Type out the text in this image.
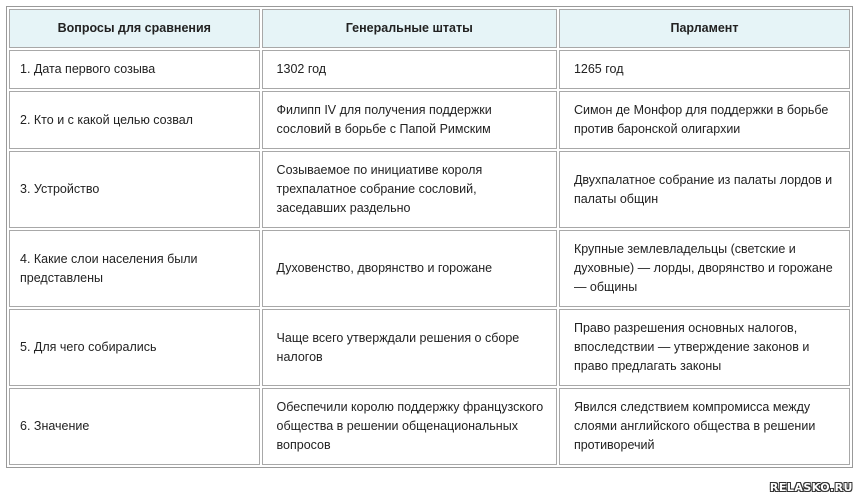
Вопросы для сравнения	Генеральные штаты	Парламент

1. Дата первого созыва	1302 год	1265 год

2. Кто и с какой целью созвал	Филипп IV для получения поддержки сословий в борьбе с Папой Римским	Симон де Монфор для поддержки в борьбе против баронской олигархии

3. Устройство	Созываемое по инициативе короля трехпалатное собрание сословий, заседавших раздельно	Двухпалатное собрание из палаты лордов и палаты общин

4. Какие слои населения были представлены	Духовенство, дворянство и горожане	Крупные землевладельцы (светские и духовные) — лорды, дворянство и горожане — общины

5. Для чего собирались	Чаще всего утверждали решения о сборе налогов	Право разрешения основных налогов, впоследствии — утверждение законов и право предлагать законы

6. Значение	Обеспечили королю поддержку французского общества в решении общенациональных вопросов	Явился следствием компромисса между слоями английского общества в решении противоречий
RELASKO.RU
